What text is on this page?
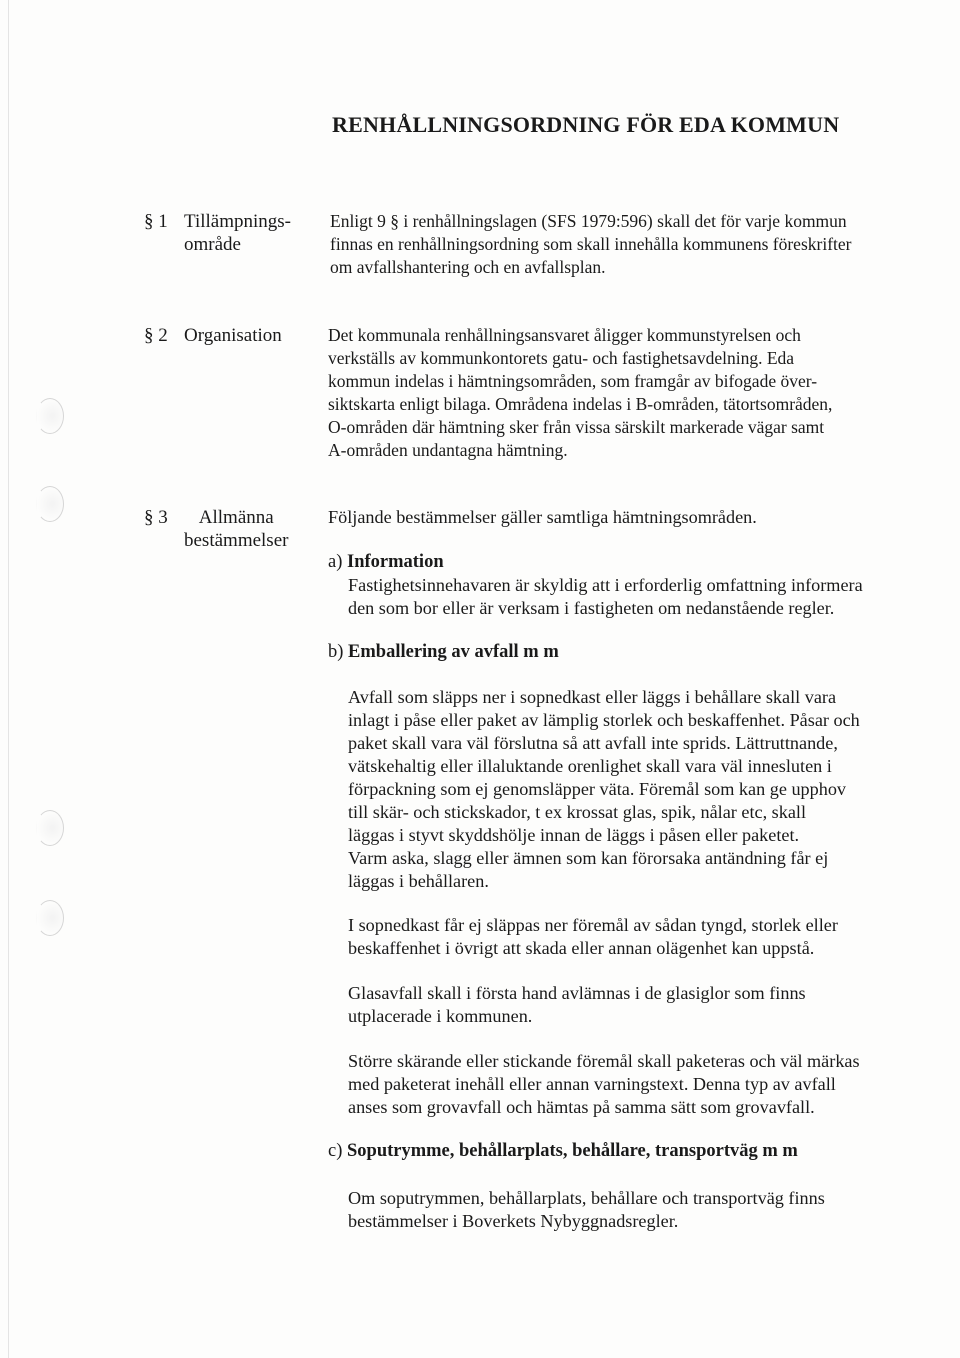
RENHÅLLNINGSORDNING FÖR EDA KOMMUN
§ 1 Tillämpnings-
område

Enligt 9 § i renhållningslagen (SFS 1979:596) skall det för varje kommun
finnas en renhållningsordning som skall innehålla kommunens föreskrifter
om avfallshantering och en avfallsplan.

§ 2 Organisation	Det kommunala renhållningsansvaret åligger kommunstyrelsen och
verkställs av kommunkontorets gatu- och fastighetsavdelning. Eda
kommun indelas i hämtningsområden, som framgår av bifogade över-
siktskarta enligt bilaga. Områdena indelas i B-områden, tätortsområden,
O-områden där hämtning sker från vissa särskilt markerade vägar samt
A-områden undantagna hämtning.

§ 3 Allmänna
bestämmelser

Följande bestämmelser gäller samtliga hämtningsområden.

a) Information

Fastighetsinnehavaren är skyldig att i erforderlig omfattning informera
den som bor eller är verksam i fastigheten om nedanstående regler.

b) Emballering av avfall m m

Avfall som släpps ner i sopnedkast eller läggs i behållare skall vara
inlagt i påse eller paket av lämplig storlek och beskaffenhet. Påsar och
paket skall vara väl förslutna så att avfall inte sprids. Lättruttnande,
vätskehaltig eller illaluktande orenlighet skall vara väl innesluten i
förpackning som ej genomsläpper väta. Föremål som kan ge upphov
till skär- och stickskador, t ex krossat glas, spik, nålar etc, skall
läggas i styvt skyddshölje innan de läggs i påsen eller paketet.
Varm aska, slagg eller ämnen som kan förorsaka antändning får ej
läggas i behållaren.

I sopnedkast får ej släppas ner föremål av sådan tyngd, storlek eller
beskaffenhet i övrigt att skada eller annan olägenhet kan uppstå.

Glasavfall skall i första hand avlämnas i de glasiglor som finns
utplacerade i kommunen.

Större skärande eller stickande föremål skall paketeras och väl märkas
med paketerat inehåll eller annan varningstext. Denna typ av avfall
anses som grovavfall och hämtas på samma sätt som grovavfall.

c) Soputrymme, behållarplats, behållare, transportväg m m

Om soputrymmen, behållarplats, behållare och transportväg finns
bestämmelser i Boverkets Nybyggnadsregler.
